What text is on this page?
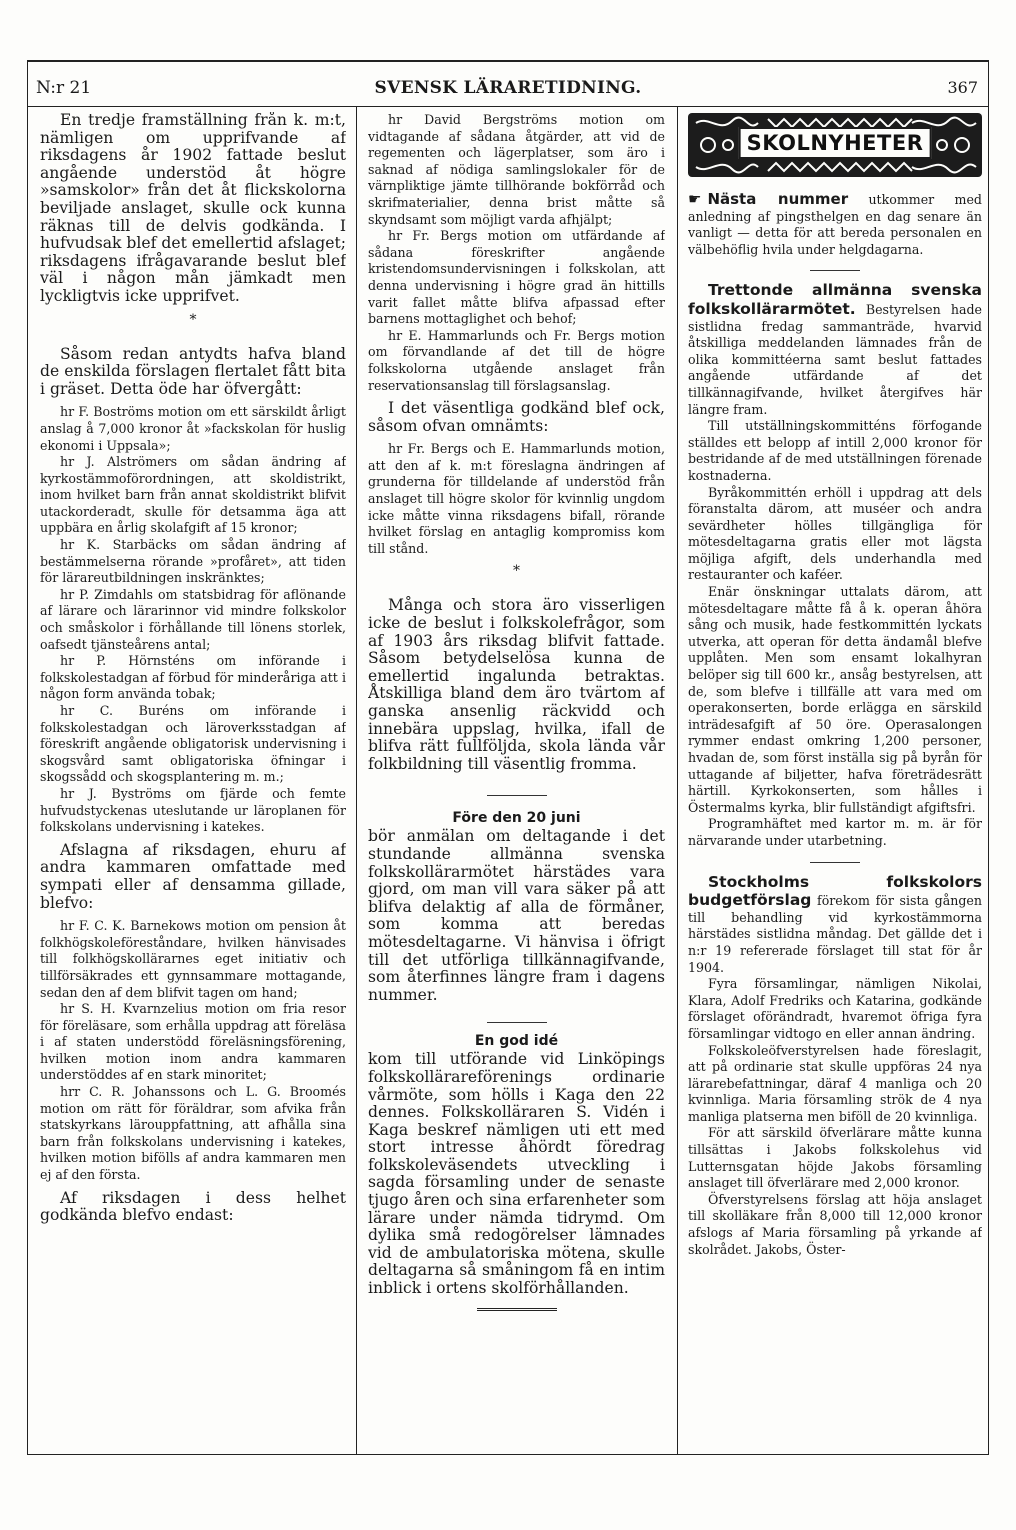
N:r 21	SVENSK LÄRARETIDNING.	367

En tredje framställning från k. m:t, nämligen om upprifvande af riksdagens år 1902 fattade beslut angående understöd åt högre »samskolor» från det åt flickskolorna beviljade anslaget, skulle ock kunna räknas till de delvis godkända. I hufvudsak blef det emellertid afslaget; riksdagens ifrågavarande beslut blef väl i någon mån jämkadt men lyckligtvis icke upprifvet.

*

Såsom redan antydts hafva bland de enskilda förslagen flertalet fått bita i gräset. Detta öde har öfvergått:

hr F. Boströms motion om ett särskildt årligt anslag å 7,000 kronor åt »fackskolan för huslig ekonomi i Uppsala»;

hr J. Alströmers om sådan ändring af kyrkostämmoförordningen, att skoldistrikt, inom hvilket barn från annat skoldistrikt blifvit utackorderadt, skulle för detsamma äga att uppbära en årlig skolafgift af 15 kronor;

hr K. Starbäcks om sådan ändring af bestämmelserna rörande »profåret», att tiden för lärareutbildningen inskränktes;

hr P. Zimdahls om statsbidrag för aflönande af lärare och lärarinnor vid mindre folkskolor och småskolor i förhållande till lönens storlek, oafsedt tjänsteårens antal;

hr P. Hörnsténs om införande i folkskolestadgan af förbud för minderåriga att i någon form använda tobak;

hr C. Buréns om införande i folkskolestadgan och läroverksstadgan af föreskrift angående obligatorisk undervisning i skogsvård samt obligatoriska öfningar i skogssådd och skogsplantering m. m.;

hr J. Byströms om fjärde och femte hufvudstyckenas uteslutande ur läroplanen för folkskolans undervisning i katekes.

Afslagna af riksdagen, ehuru af andra kammaren omfattade med sympati eller af densamma gillade, blefvo:

hr F. C. K. Barnekows motion om pension åt folkhögskoleföreståndare, hvilken hänvisades till folkhögskollärarnes eget initiativ och tillförsäkrades ett gynnsammare mottagande, sedan den af dem blifvit tagen om hand;

hr S. H. Kvarnzelius motion om fria resor för föreläsare, som erhålla uppdrag att föreläsa i af staten understödd föreläsningsförening, hvilken motion inom andra kammaren understöddes af en stark minoritet;

hrr C. R. Johanssons och L. G. Broomés motion om rätt för föräldrar, som afvika från statskyrkans lärouppfattning, att afhålla sina barn från folkskolans undervisning i katekes, hvilken motion bifölls af andra kammaren men ej af den första.

Af riksdagen i dess helhet godkända blefvo endast:

hr David Bergströms motion om vidtagande af sådana åtgärder, att vid de regementen och lägerplatser, som äro i saknad af nödiga samlingslokaler för de värnpliktige jämte tillhörande bokförråd och skrifmaterialier, denna brist måtte så skyndsamt som möjligt varda afhjälpt;

hr Fr. Bergs motion om utfärdande af sådana föreskrifter angående kristendomsundervisningen i folkskolan, att denna undervisning i högre grad än hittills varit fallet måtte blifva afpassad efter barnens mottaglighet och behof;

hr E. Hammarlunds och Fr. Bergs motion om förvandlande af det till de högre folkskolorna utgående anslaget från reservationsanslag till förslagsanslag.

I det väsentliga godkänd blef ock, såsom ofvan omnämts:

hr Fr. Bergs och E. Hammarlunds motion, att den af k. m:t föreslagna ändringen af grunderna för tilldelande af understöd från anslaget till högre skolor för kvinnlig ungdom icke måtte vinna riksdagens bifall, rörande hvilket förslag en antaglig kompromiss kom till stånd.

*

Många och stora äro visserligen icke de beslut i folkskolefrågor, som af 1903 års riksdag blifvit fattade. Såsom betydelselösa kunna de emellertid ingalunda betraktas. Åtskilliga bland dem äro tvärtom af ganska ansenlig räckvidd och innebära uppslag, hvilka, ifall de blifva rätt fullföljda, skola lända vår folkbildning till väsentlig fromma.

Före den 20 juni

bör anmälan om deltagande i det stundande allmänna svenska folkskollärarmötet härstädes vara gjord, om man vill vara säker på att blifva delaktig af alla de förmåner, som komma att beredas mötesdeltagarne. Vi hänvisa i öfrigt till det utförliga tillkännagifvande, som återfinnes längre fram i dagens nummer.

En god idé

kom till utförande vid Linköpings folkskollärareförenings ordinarie vårmöte, som hölls i Kaga den 22 dennes. Folkskolläraren S. Vidén i Kaga beskref nämligen uti ett med stort intresse åhördt föredrag folkskoleväsendets utveckling i sagda församling under de senaste tjugo åren och sina erfarenheter som lärare under nämda tidrymd. Om dylika små redogörelser lämnades vid de ambulatoriska mötena, skulle deltagarna så småningom få en intim inblick i ortens skolförhållanden.

SKOLNYHETER

☛ Nästa nummer utkommer med anledning af pingsthelgen en dag senare än vanligt — detta för att bereda personalen en välbehöflig hvila under helgdagarna.

Trettonde allmänna svenska folkskollärarmötet. Bestyrelsen hade sistlidna fredag sammanträde, hvarvid åtskilliga meddelanden lämnades från de olika kommittéerna samt beslut fattades angående utfärdande af det tillkännagifvande, hvilket återgifves här längre fram.

Till utställningskommitténs förfogande ställdes ett belopp af intill 2,000 kronor för bestridande af de med utställningen förenade kostnaderna.

Byråkommittén erhöll i uppdrag att dels föranstalta därom, att muséer och andra sevärdheter hölles tillgängliga för mötesdeltagarna gratis eller mot lägsta möjliga afgift, dels underhandla med restauranter och kaféer.

Enär önskningar uttalats därom, att mötesdeltagare måtte få å k. operan åhöra sång och musik, hade festkommittén lyckats utverka, att operan för detta ändamål blefve upplåten. Men som ensamt lokalhyran belöper sig till 600 kr., ansåg bestyrelsen, att de, som blefve i tillfälle att vara med om operakonserten, borde erlägga en särskild inträdesafgift af 50 öre. Operasalongen rymmer endast omkring 1,200 personer, hvadan de, som först inställa sig på byrån för uttagande af biljetter, hafva företrädesrätt härtill. Kyrkokonserten, som hålles i Östermalms kyrka, blir fullständigt afgiftsfri.

Programhäftet med kartor m. m. är för närvarande under utarbetning.

Stockholms folkskolors budgetförslag förekom för sista gången till behandling vid kyrkostämmorna härstädes sistlidna måndag. Det gällde det i n:r 19 refererade förslaget till stat för år 1904.

Fyra församlingar, nämligen Nikolai, Klara, Adolf Fredriks och Katarina, godkände förslaget oförändradt, hvaremot öfriga fyra församlingar vidtogo en eller annan ändring.

Folkskoleöfverstyrelsen hade föreslagit, att på ordinarie stat skulle uppföras 24 nya lärarebefattningar, däraf 4 manliga och 20 kvinnliga. Maria församling strök de 4 nya manliga platserna men biföll de 20 kvinnliga.

För att särskild öfverlärare måtte kunna tillsättas i Jakobs folkskolehus vid Lutternsgatan höjde Jakobs församling anslaget till öfverlärare med 2,000 kronor.

Öfverstyrelsens förslag att höja anslaget till skolläkare från 8,000 till 12,000 kronor afslogs af Maria församling på yrkande af skolrådet. Jakobs, Öster-
